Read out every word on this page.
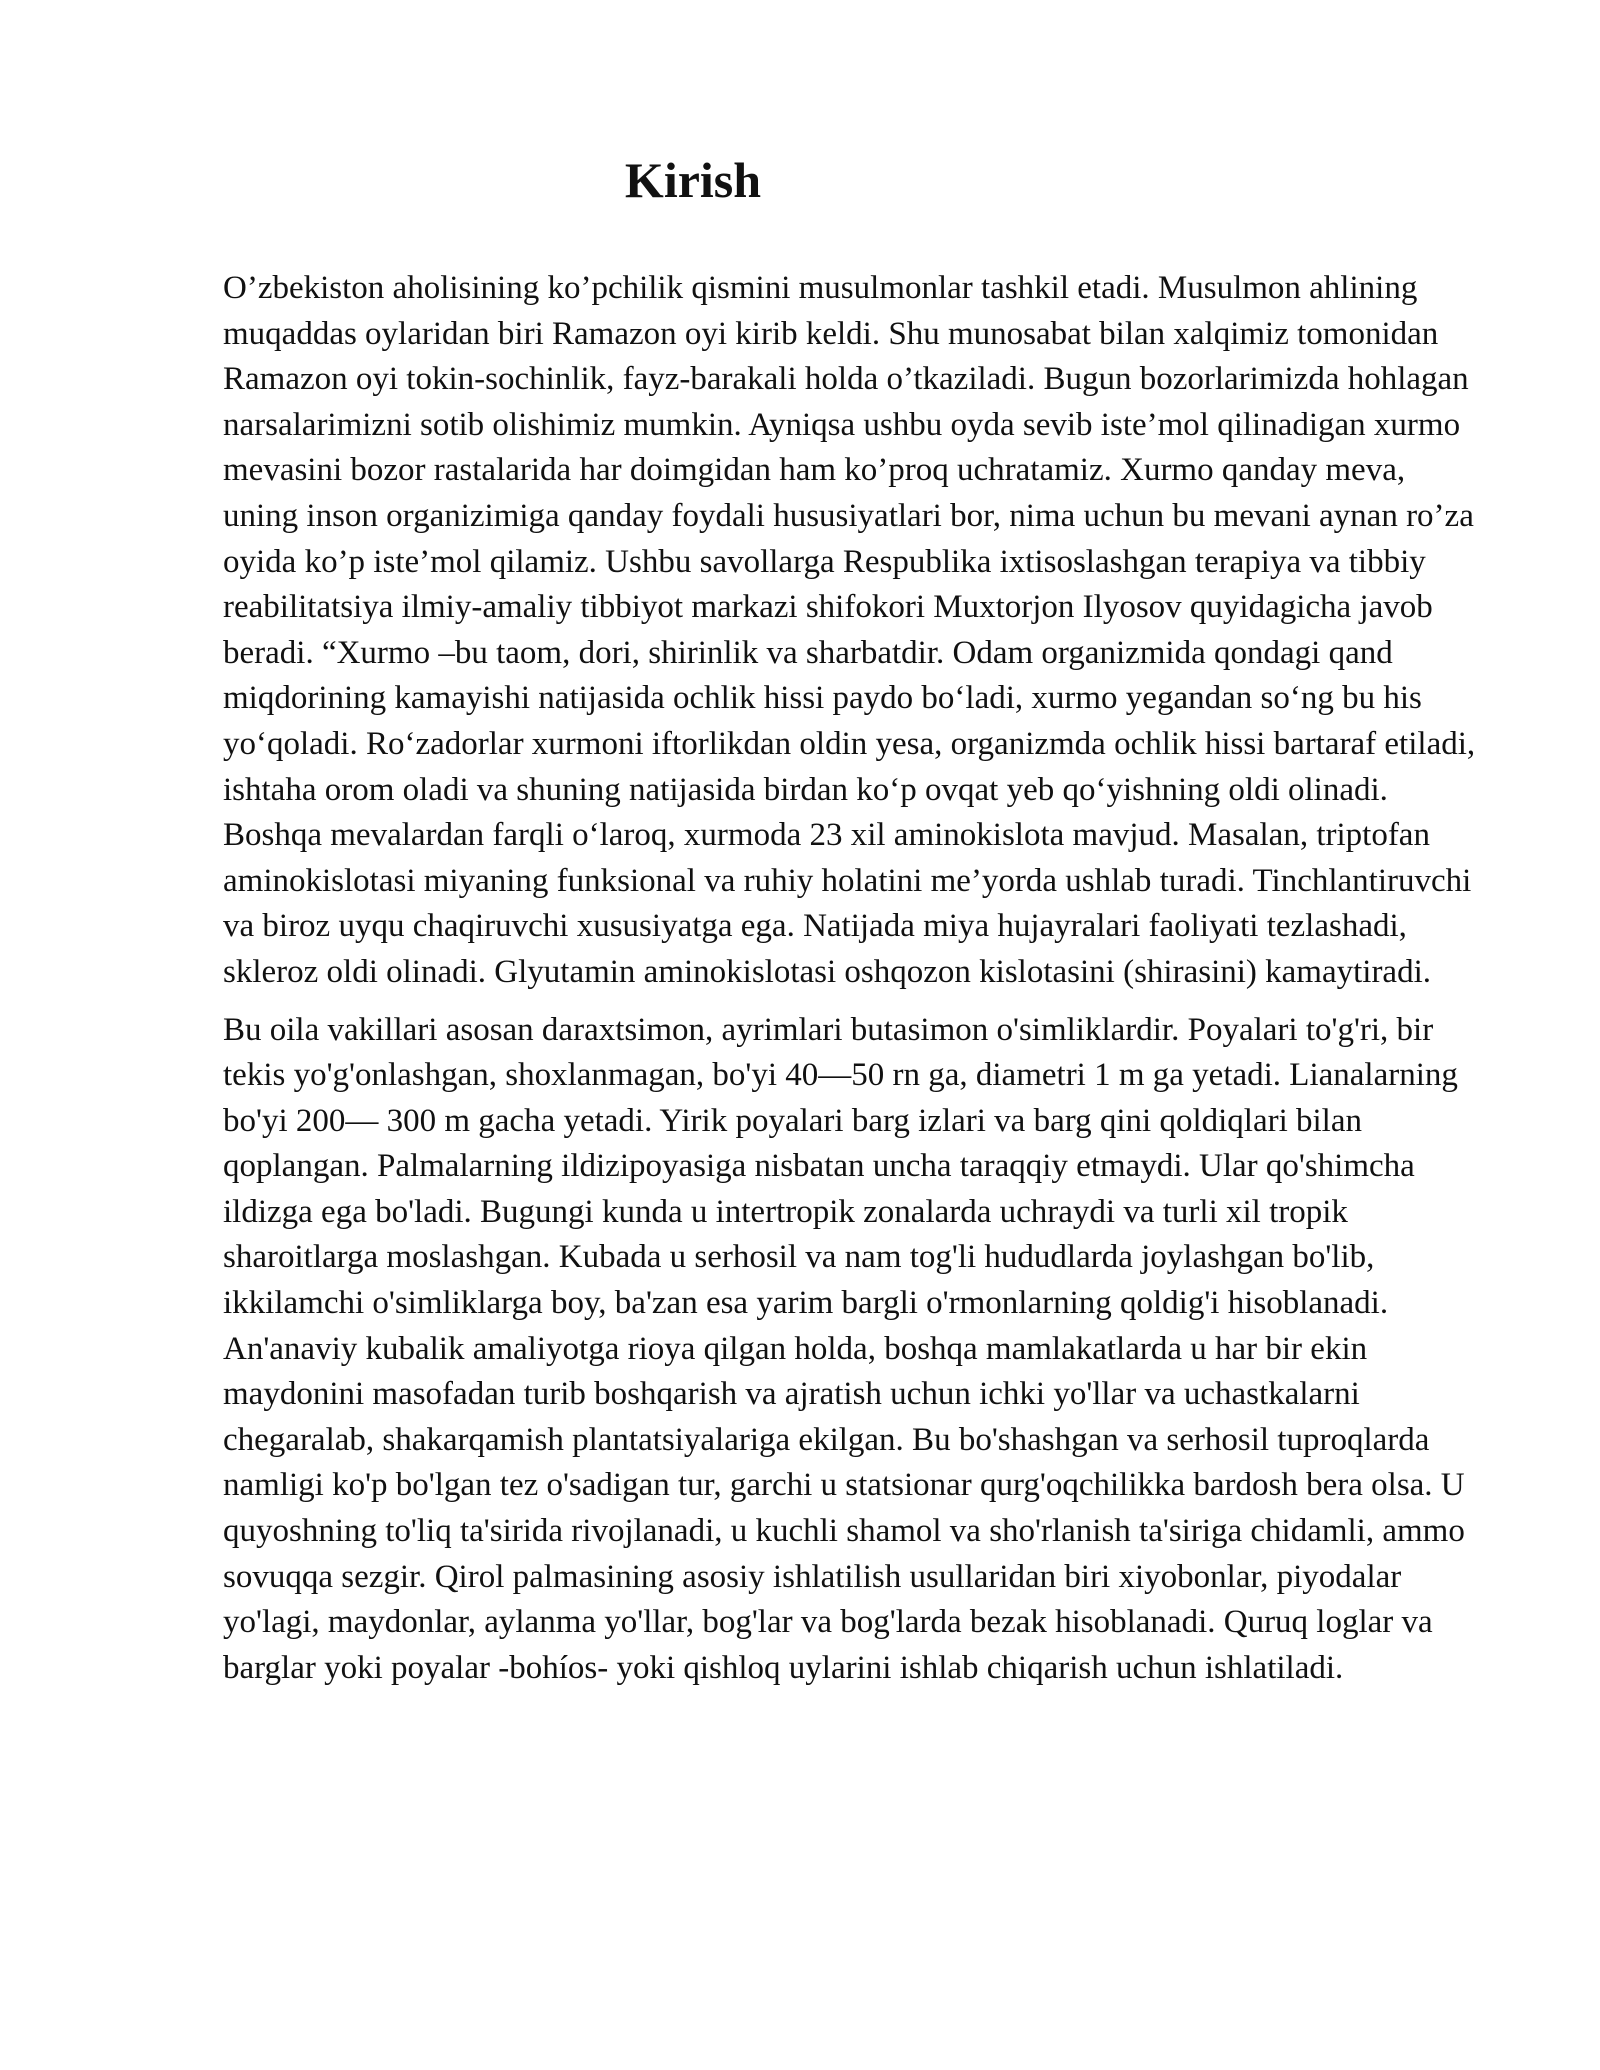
Kirish

O’zbekiston aholisining ko’pchilik qismini musulmonlar tashkil etadi. Musulmon ahlining muqaddas oylaridan biri Ramazon oyi kirib keldi. Shu munosabat bilan xalqimiz tomonidan Ramazon oyi tokin-sochinlik, fayz-barakali holda o’tkaziladi. Bugun bozorlarimizda hohlagan narsalarimizni sotib olishimiz mumkin. Ayniqsa ushbu oyda sevib iste’mol qilinadigan xurmo mevasini bozor rastalarida har doimgidan ham ko’proq uchratamiz. Xurmo qanday meva, uning inson organizimiga qanday foydali hususiyatlari bor, nima uchun bu mevani aynan ro’za oyida ko’p iste’mol qilamiz. Ushbu savollarga Respublika ixtisoslashgan terapiya va tibbiy reabilitatsiya ilmiy-amaliy tibbiyot markazi shifokori Muxtorjon Ilyosov quyidagicha javob beradi. “Xurmo –bu taom, dori, shirinlik va sharbatdir. Odam organizmida qondagi qand miqdorining kamayishi natijasida ochlik hissi paydo bo‘ladi, xurmo yegandan so‘ng bu his yo‘qoladi. Ro‘zadorlar xurmoni iftorlikdan oldin yesa, organizmda ochlik hissi bartaraf etiladi, ishtaha orom oladi va shuning natijasida birdan ko‘p ovqat yeb qo‘yishning oldi olinadi. Boshqa mevalardan farqli o‘laroq, xurmoda 23 xil aminokislota mavjud. Masalan, triptofan aminokislotasi miyaning funksional va ruhiy holatini me’yorda ushlab turadi. Tinchlantiruvchi va biroz uyqu chaqiruvchi xususiyatga ega. Natijada miya hujayralari faoliyati tezlashadi, skleroz oldi olinadi. Glyutamin aminokislotasi oshqozon kislotasini (shirasini) kamaytiradi.

Bu oila vakillari asosan daraxtsimon, ayrimlari butasimon o'simliklardir. Poyalari to'g'ri, bir tekis yo'g'onlashgan, shoxlanmagan, bo'yi 40—50 rn ga, diametri 1 m ga yetadi. Lianalarning bo'yi 200— 300 m gacha yetadi. Yirik poyalari barg izlari va barg qini qoldiqlari bilan qoplangan. Palmalarning ildizipoyasiga nisbatan uncha taraqqiy etmaydi. Ular qo'shimcha ildizga ega bo'ladi. Bugungi kunda u intertropik zonalarda uchraydi va turli xil tropik sharoitlarga moslashgan. Kubada u serhosil va nam tog'li hududlarda joylashgan bo'lib, ikkilamchi o'simliklarga boy, ba'zan esa yarim bargli o'rmonlarning qoldig'i hisoblanadi. An'anaviy kubalik amaliyotga rioya qilgan holda, boshqa mamlakatlarda u har bir ekin maydonini masofadan turib boshqarish va ajratish uchun ichki yo'llar va uchastkalarni chegaralab, shakarqamish plantatsiyalariga ekilgan. Bu bo'shashgan va serhosil tuproqlarda namligi ko'p bo'lgan tez o'sadigan tur, garchi u statsionar qurg'oqchilikka bardosh bera olsa. U quyoshning to'liq ta'sirida rivojlanadi, u kuchli shamol va sho'rlanish ta'siriga chidamli, ammo sovuqqa sezgir. Qirol palmasining asosiy ishlatilish usullaridan biri xiyobonlar, piyodalar yo'lagi, maydonlar, aylanma yo'llar, bog'lar va bog'larda bezak hisoblanadi. Quruq loglar va barglar yoki poyalar -bohíos- yoki qishloq uylarini ishlab chiqarish uchun ishlatiladi.
